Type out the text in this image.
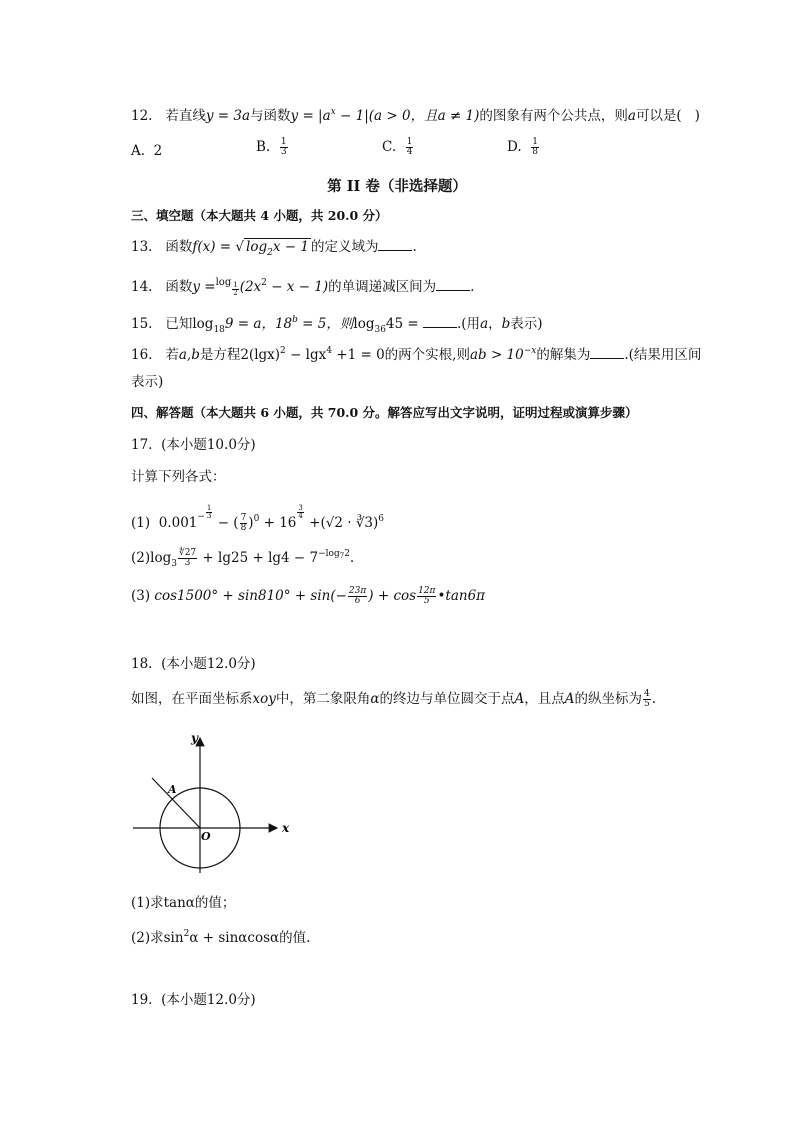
12. 若直线y = 3a与函数$y = |a^x - 1|(a > 0$，且a ≠ 1)的图象有两个公共点，则a可以是( )
A. 2	B. $\frac{1}{3}$	C. $\frac{1}{4}$	D. $\frac{1}{8}$
第 II 卷（非选择题）
三、填空题（本大题共 4 小题，共 20.0 分）
13. 函数f(x) = √ $\log_2x - 1$ 的定义域为	.
14. 函数$y =^{log} \frac{1}{2} (2x^2 - x - 1)$的单调递减区间为	.
15. 已知$\log_{18}9 = a$，$18^b = 5$，则$\log_{36}45$ =	.(用a，b表示)
16. 若a,b是方程$2(\lg x)^2 - \lg x^4 +1 = 0$的两个实根,则ab > $10^{-x}$的解集为	.(结果用区间
表示)
四、解答题（本大题共 6 小题，共 70.0 分。解答应写出文字说明，证明过程或演算步骤）
17. (本小题10.0分)
计算下列各式：
(1) $0.001^- \frac{1}{3}$
− ( $\frac{7}{8} )^0 + 16$
$\frac{3}{4}$
+(√2 · ∛3)$^6$
$(2)\log_3 \frac{∜27}{3} + \lg 25 + \lg 4 - 7^{-log72}$.
(3) $\cos 1500^\circ + \sin 810^\circ + \sin(- \frac{23\pi}{6}$ ) + $\cos \frac{12\pi}{5}$ •tan6π
18. (本小题12.0分)
如图，在平面坐标系xoy中，第二象限角α的终边与单位圆交于点A，且点A的纵坐标为 $\frac{4}{5}$ .
y
x
O
A
(1)求tanα的值；
(2)求$\sin^2\alpha + \sin\alpha\cos\alpha$的值.
19. (本小题12.0分)
